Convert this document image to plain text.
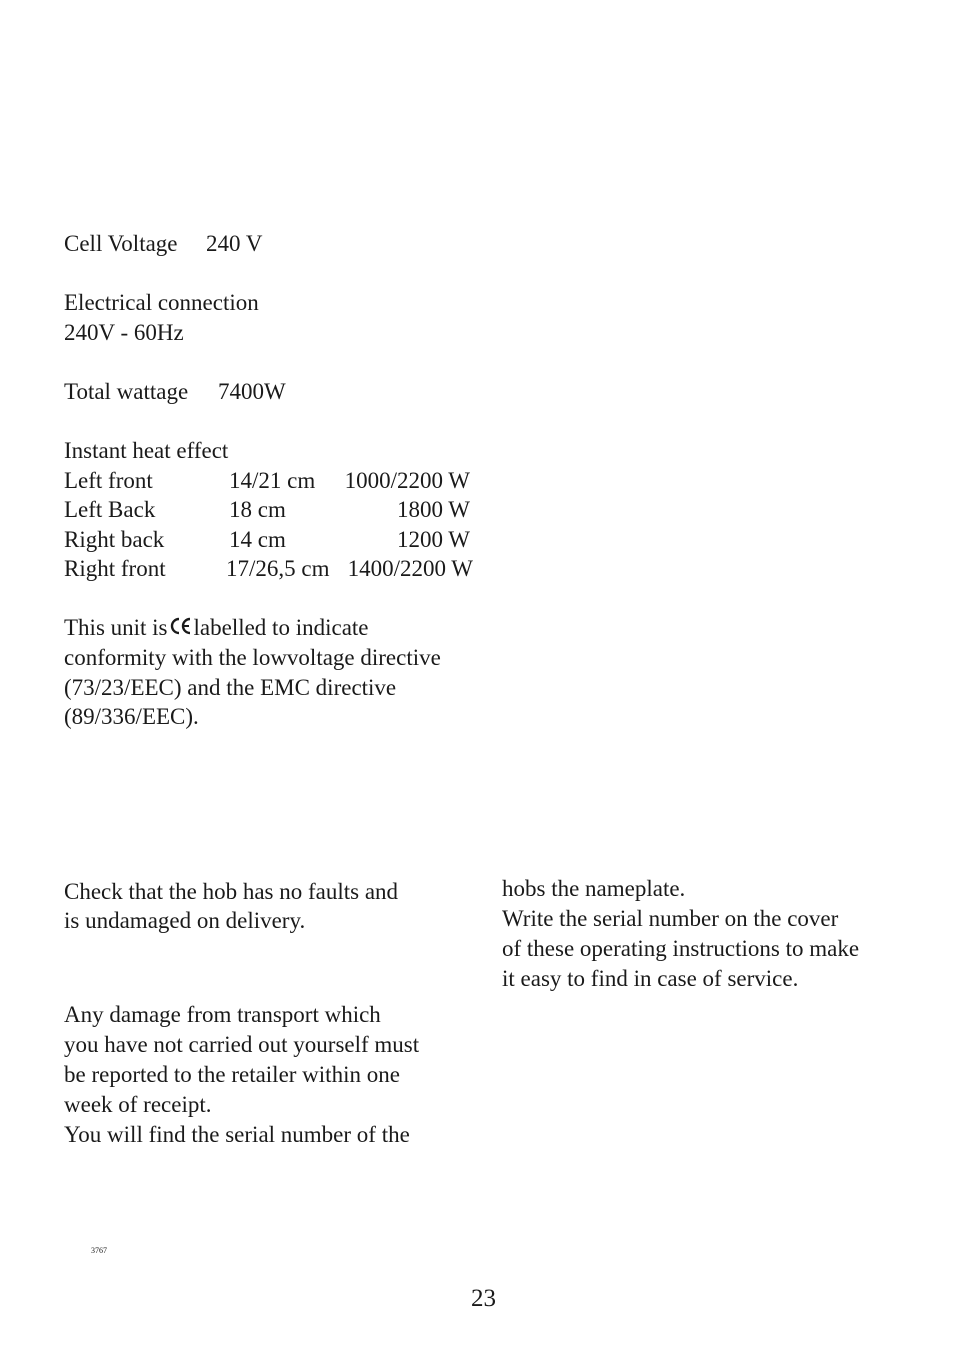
Cell Voltage 240 V
Electrical connection
240V - 60Hz
Total wattage 7400W
Instant heat effect
Left front	14/21 cm 1000/2200 W
Left Back	18 cm	1800 W
Right back	14 cm	1200 W
Right front	17/26,5 cm 1400/2200 W
This unit is labelled to indicate
conformity with the lowvoltage directive
(73/23/EEC) and the EMC directive
(89/336/EEC).
Check that the hob has no faults and
is undamaged on delivery.
Any damage from transport which
you have not carried out yourself must
be reported to the retailer within one
week of receipt.
You will find the serial number of the
hobs the nameplate.
Write the serial number on the cover
of these operating instructions to make
it easy to find in case of service.
3767
23
